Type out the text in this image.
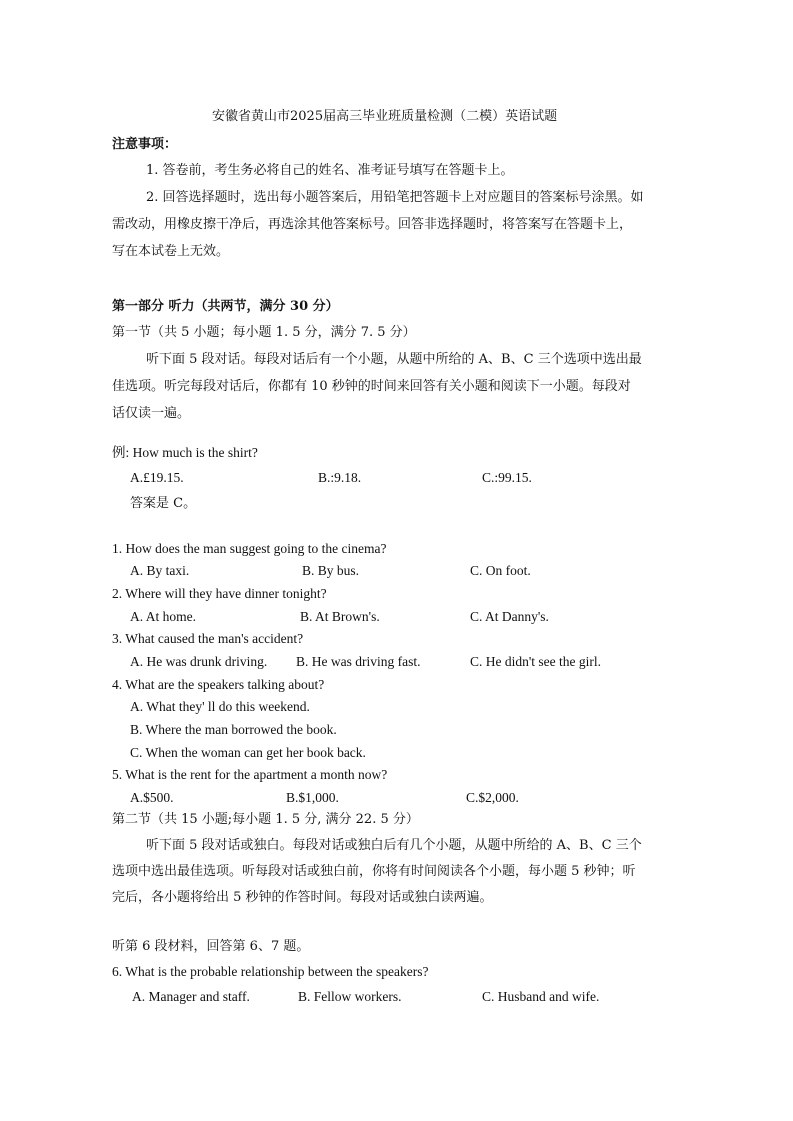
安徽省黄山市2025届高三毕业班质量检测（二模）英语试题
注意事项：
1. 答卷前，考生务必将自己的姓名、准考证号填写在答题卡上。
2. 回答选择题时，选出每小题答案后，用铅笔把答题卡上对应题目的答案标号涂黑。如
需改动，用橡皮擦干净后，再选涂其他答案标号。回答非选择题时，将答案写在答题卡上，
写在本试卷上无效。
第一部分 听力（共两节，满分 30 分）
第一节（共 5 小题；每小题 1. 5 分，满分 7. 5 分）
听下面 5 段对话。每段对话后有一个小题，从题中所给的 A、B、C 三个选项中选出最
佳选项。听完每段对话后，你都有 10 秒钟的时间来回答有关小题和阅读下一小题。每段对
话仅读一遍。
例: How much is the shirt?
A.£19.15.	B.:9.18.	C.:99.15.
答案是 C。
1. How does the man suggest going to the cinema?
A. By taxi.	B. By bus.	C. On foot.
2. Where will they have dinner tonight?
A. At home.	B. At Brown's.	C. At Danny's.
3. What caused the man's accident?
A. He was drunk driving. B. He was driving fast.	C. He didn't see the girl.
4. What are the speakers talking about?
A. What they' ll do this weekend.
B. Where the man borrowed the book.
C. When the woman can get her book back.
5. What is the rent for the apartment a month now?
A.$500.	B.$1,000.	C.$2,000.
第二节（共 15 小题;每小题 1. 5 分, 满分 22. 5 分）
听下面 5 段对话或独白。每段对话或独白后有几个小题，从题中所给的 A、B、C 三个
选项中选出最佳选项。听每段对话或独白前，你将有时间阅读各个小题，每小题 5 秒钟；听
完后，各小题将给出 5 秒钟的作答时间。每段对话或独白读两遍。
听第 6 段材料，回答第 6、7 题。
6. What is the probable relationship between the speakers?
A. Manager and staff.	B. Fellow workers.	C. Husband and wife.
